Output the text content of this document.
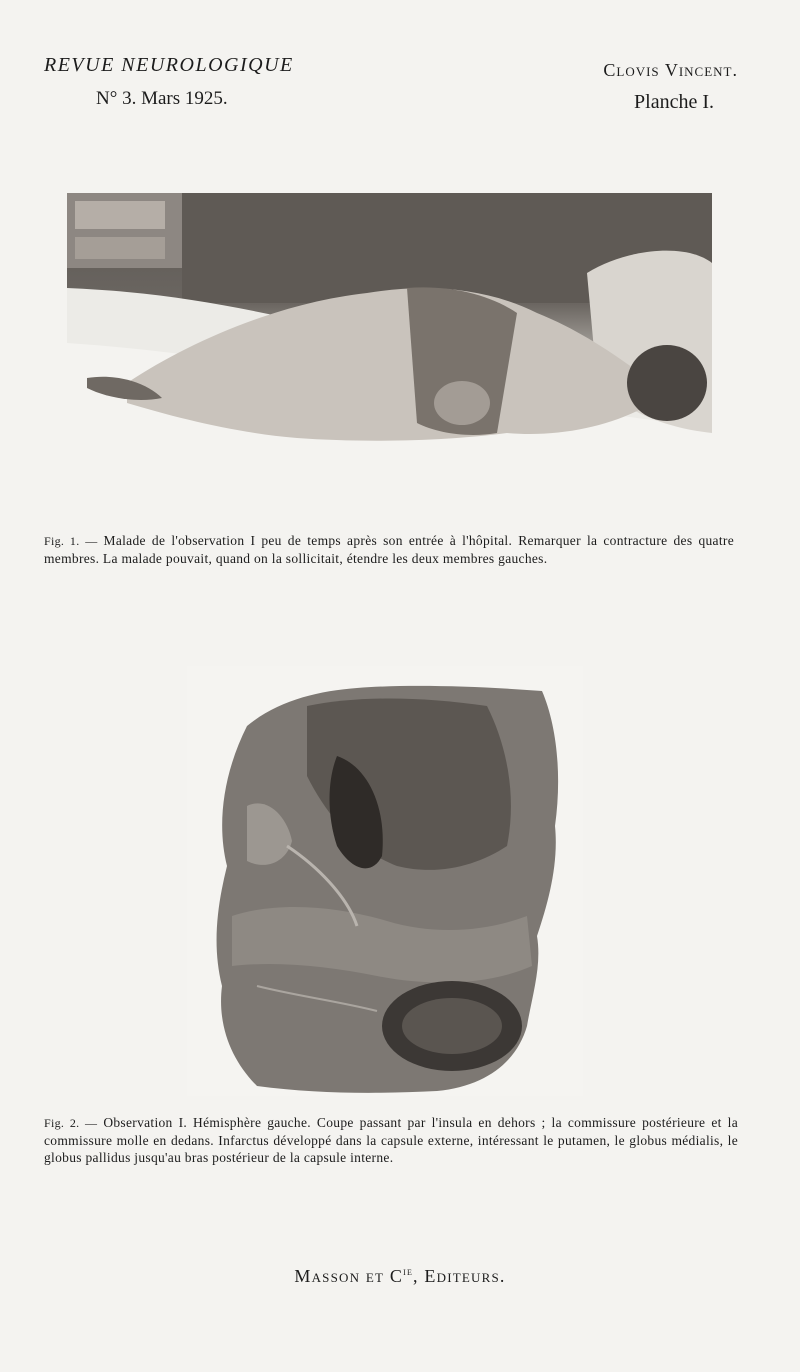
REVUE NEUROLOGIQUE
N° 3. Mars 1925.
Clovis Vincent.
Planche I.
Fig. 1. — Malade de l'observation I peu de temps après son entrée à l'hôpital. Remarquer la contracture des quatre membres. La malade pouvait, quand on la sollicitait, étendre les deux membres gauches.
Fig. 2. — Observation I. Hémisphère gauche. Coupe passant par l'insula en dehors ; la commissure postérieure et la commissure molle en dedans. Infarctus développé dans la capsule externe, intéressant le putamen, le globus médialis, le globus pallidus jusqu'au bras postérieur de la capsule interne.
Masson et $C^{ie}$, Editeurs.
